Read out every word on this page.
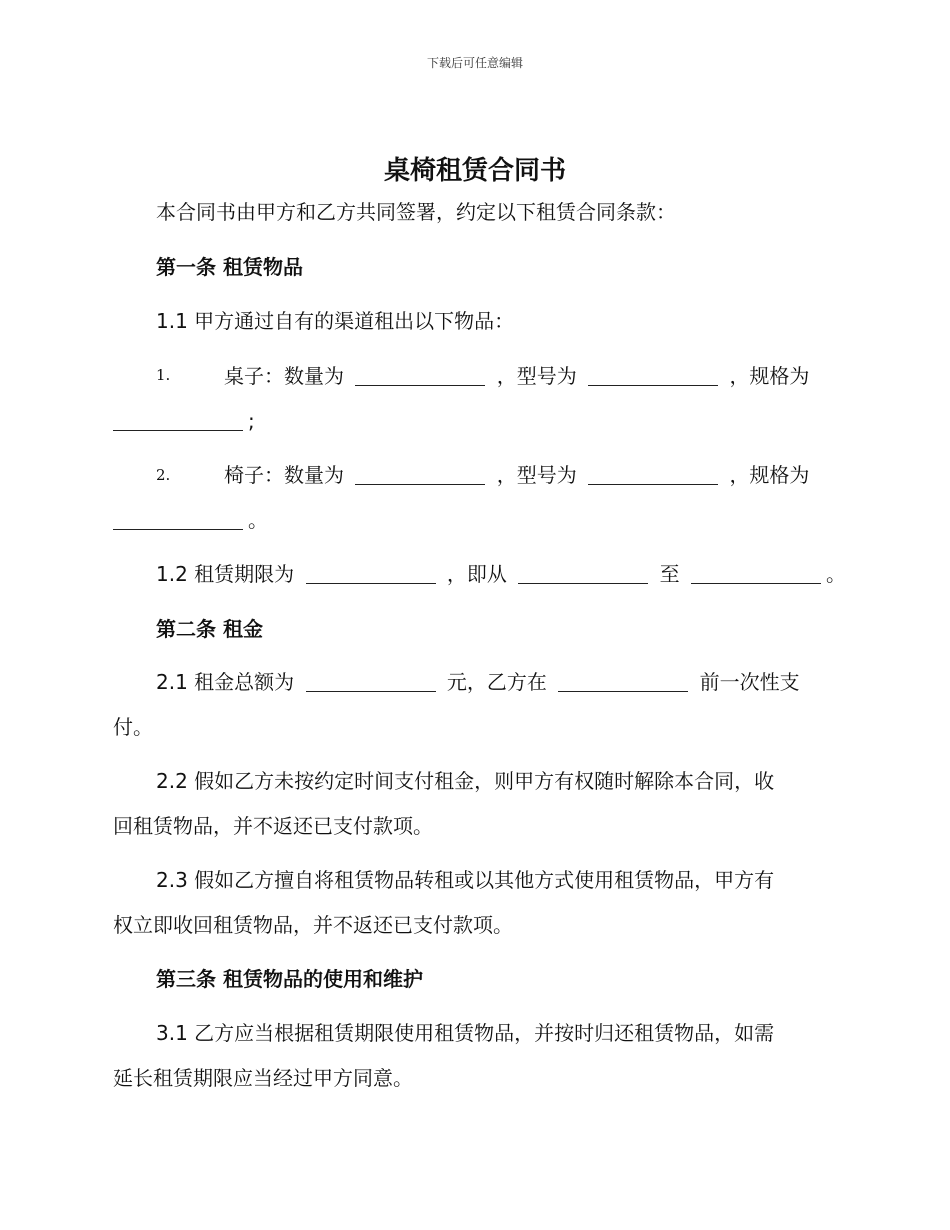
下载后可任意编辑
桌椅租赁合同书
本合同书由甲方和乙方共同签署，约定以下租赁合同条款：
第一条 租赁物品
1.1 甲方通过自有的渠道租出以下物品：
1.	桌子：数量为	，型号为	，规格为
;
2.	椅子：数量为	，型号为	，规格为
。
1.2 租赁期限为	，即从	至	。
第二条 租金
2.1 租金总额为	元，乙方在	前一次性支
付。
2.2 假如乙方未按约定时间支付租金，则甲方有权随时解除本合同，收
回租赁物品，并不返还已支付款项。
2.3 假如乙方擅自将租赁物品转租或以其他方式使用租赁物品，甲方有
权立即收回租赁物品，并不返还已支付款项。
第三条 租赁物品的使用和维护
3.1 乙方应当根据租赁期限使用租赁物品，并按时归还租赁物品，如需
延长租赁期限应当经过甲方同意。
